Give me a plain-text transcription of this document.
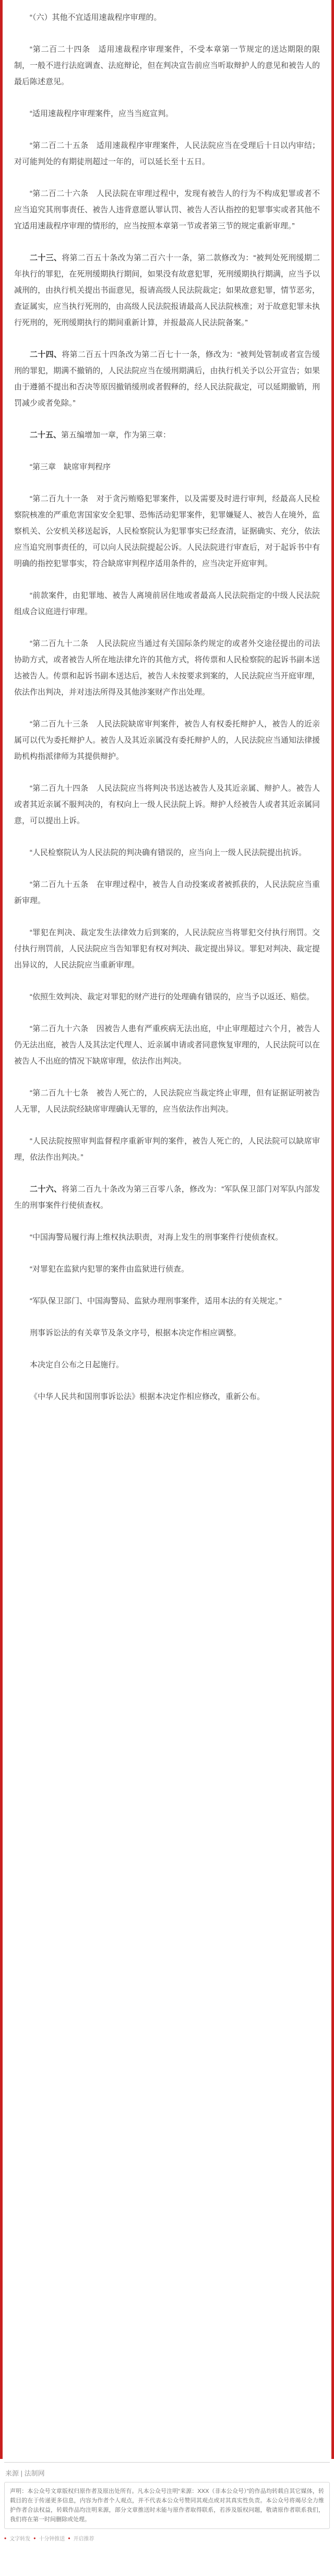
“（六）其他不宜适用速裁程序审理的。

“第二百二十四条　适用速裁程序审理案件，不受本章第一节规定的送达期限的限制，一般不进行法庭调查、法庭辩论，但在判决宣告前应当听取辩护人的意见和被告人的最后陈述意见。

“适用速裁程序审理案件，应当当庭宣判。

“第二百二十五条　适用速裁程序审理案件，人民法院应当在受理后十日以内审结；对可能判处的有期徒刑超过一年的，可以延长至十五日。

“第二百二十六条　人民法院在审理过程中，发现有被告人的行为不构成犯罪或者不应当追究其刑事责任、被告人违背意愿认罪认罚、被告人否认指控的犯罪事实或者其他不宜适用速裁程序审理的情形的，应当按照本章第一节或者第三节的规定重新审理。”

二十三、将第二百五十条改为第二百六十一条，第二款修改为：“被判处死刑缓期二年执行的罪犯，在死刑缓期执行期间，如果没有故意犯罪，死刑缓期执行期满，应当予以减刑的，由执行机关提出书面意见，报请高级人民法院裁定；如果故意犯罪，情节恶劣，查证属实，应当执行死刑的，由高级人民法院报请最高人民法院核准；对于故意犯罪未执行死刑的，死刑缓期执行的期间重新计算，并报最高人民法院备案。”

二十四、将第二百五十四条改为第二百七十一条，修改为：“被判处管制或者宣告缓刑的罪犯，期满不撤销的，人民法院应当在缓刑期满后，由执行机关予以公开宣告；如果由于遵循不提出和否决等原因撤销缓刑或者假释的，经人民法院裁定，可以延期撤销，刑罚减少或者免除。”

二十五、第五编增加一章，作为第三章：

“第三章　缺席审判程序

“第二百九十一条　对于贪污贿赂犯罪案件，以及需要及时进行审判，经最高人民检察院核准的严重危害国家安全犯罪、恐怖活动犯罪案件，犯罪嫌疑人、被告人在境外，监察机关、公安机关移送起诉，人民检察院认为犯罪事实已经查清，证据确实、充分，依法应当追究刑事责任的，可以向人民法院提起公诉。人民法院进行审查后，对于起诉书中有明确的指控犯罪事实，符合缺席审判程序适用条件的，应当决定开庭审判。

“前款案件，由犯罪地、被告人离境前居住地或者最高人民法院指定的中级人民法院组成合议庭进行审理。

“第二百九十二条　人民法院应当通过有关国际条约规定的或者外交途径提出的司法协助方式，或者被告人所在地法律允许的其他方式，将传票和人民检察院的起诉书副本送达被告人。传票和起诉书副本送达后，被告人未按要求到案的，人民法院应当开庭审理，依法作出判决，并对违法所得及其他涉案财产作出处理。

“第二百九十三条　人民法院缺席审判案件，被告人有权委托辩护人，被告人的近亲属可以代为委托辩护人。被告人及其近亲属没有委托辩护人的，人民法院应当通知法律援助机构指派律师为其提供辩护。

“第二百九十四条　人民法院应当将判决书送达被告人及其近亲属、辩护人。被告人或者其近亲属不服判决的，有权向上一级人民法院上诉。辩护人经被告人或者其近亲属同意，可以提出上诉。

“人民检察院认为人民法院的判决确有错误的，应当向上一级人民法院提出抗诉。

“第二百九十五条　在审理过程中，被告人自动投案或者被抓获的，人民法院应当重新审理。

“罪犯在判决、裁定发生法律效力后到案的，人民法院应当将罪犯交付执行刑罚。交付执行刑罚前，人民法院应当告知罪犯有权对判决、裁定提出异议。罪犯对判决、裁定提出异议的，人民法院应当重新审理。

“依照生效判决、裁定对罪犯的财产进行的处理确有错误的，应当予以返还、赔偿。

“第二百九十六条　因被告人患有严重疾病无法出庭，中止审理超过六个月，被告人仍无法出庭，被告人及其法定代理人、近亲属申请或者同意恢复审理的，人民法院可以在被告人不出庭的情况下缺席审理，依法作出判决。

“第二百九十七条　被告人死亡的，人民法院应当裁定终止审理，但有证据证明被告人无罪，人民法院经缺席审理确认无罪的，应当依法作出判决。

“人民法院按照审判监督程序重新审判的案件，被告人死亡的，人民法院可以缺席审理，依法作出判决。”

二十六、将第二百九十条改为第三百零八条，修改为：“军队保卫部门对军队内部发生的刑事案件行使侦查权。

“中国海警局履行海上维权执法职责，对海上发生的刑事案件行使侦查权。

“对罪犯在监狱内犯罪的案件由监狱进行侦查。

“军队保卫部门、中国海警局、监狱办理刑事案件，适用本法的有关规定。”

刑事诉讼法的有关章节及条文序号，根据本决定作相应调整。

本决定自公布之日起施行。

《中华人民共和国刑事诉讼法》根据本决定作相应修改，重新公布。

来源 | 法制网
声明：本公众号文章版权归原作者及原出处所有。凡本公众号注明“来源：XXX（非本公众号）”的作品均转载自其它媒体，转载目的在于传递更多信息，内容为作者个人观点，并不代表本公众号赞同其观点或对其真实性负责。本公众号将竭尽全力维护作者合法权益，转载作品均注明来源，部分文章推送时未能与原作者取得联系，若涉及版权问题，敬请原作者联系我们，我们将在第一时间删除或处理。
• 文字转发 • 十分钟推送 • 开启推荐
